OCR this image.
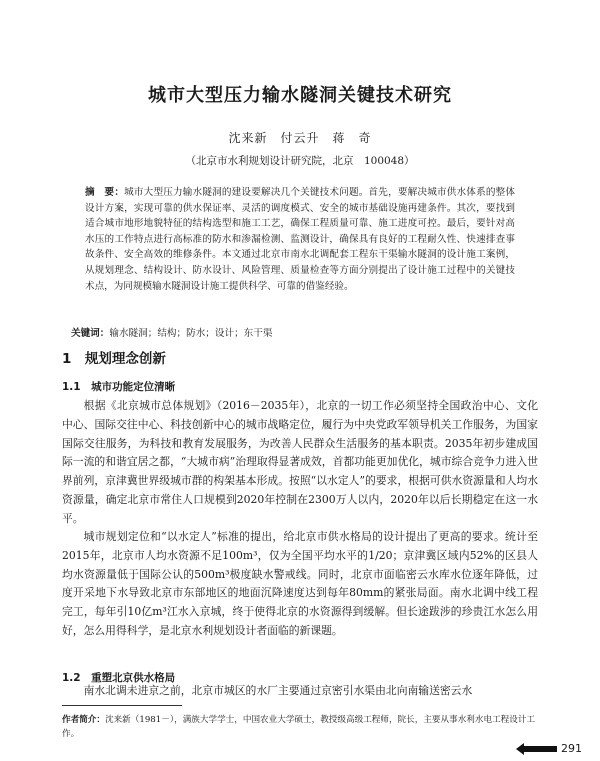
城市大型压力输水隧洞关键技术研究
沈来新　付云升　蒋　奇
（北京市水利规划设计研究院，北京　100048）
摘　要：城市大型压力输水隧洞的建设要解决几个关键技术问题。首先，要解决城市供水体系的整体设计方案，实现可靠的供水保证率、灵活的调度模式、安全的城市基础设施再建条件。其次，要找到适合城市地形地貌特征的结构选型和施工工艺，确保工程质量可靠、施工进度可控。最后，要针对高水压的工作特点进行高标准的防水和渗漏检测、监测设计，确保具有良好的工程耐久性、快速排查事故条件、安全高效的维修条件。本文通过北京市南水北调配套工程东干渠输水隧洞的设计施工案例，从规划理念、结构设计、防水设计、风险管理、质量检查等方面分别提出了设计施工过程中的关键技术点，为同规模输水隧洞设计施工提供科学、可靠的借鉴经验。
关键词：输水隧洞；结构；防水；设计；东干渠
1　规划理念创新
1.1　城市功能定位清晰

根据《北京城市总体规划》（2016－2035年），北京的一切工作必须坚持全国政治中心、文化中心、国际交往中心、科技创新中心的城市战略定位，履行为中央党政军领导机关工作服务，为国家国际交往服务，为科技和教育发展服务，为改善人民群众生活服务的基本职责。2035年初步建成国际一流的和谐宜居之都，“大城市病”治理取得显著成效，首都功能更加优化，城市综合竞争力进入世界前列，京津冀世界级城市群的构架基本形成。按照“以水定人”的要求，根据可供水资源量和人均水资源量，确定北京市常住人口规模到2020年控制在2300万人以内，2020年以后长期稳定在这一水平。

城市规划定位和“以水定人”标准的提出，给北京市供水格局的设计提出了更高的要求。统计至2015年，北京市人均水资源不足100m³，仅为全国平均水平的1/20；京津冀区域内52%的区县人均水资源量低于国际公认的500m³极度缺水警戒线。同时，北京市面临密云水库水位逐年降低，过度开采地下水导致北京市东部地区的地面沉降速度达到每年80mm的紧张局面。南水北调中线工程完工，每年引10亿m³江水入京城，终于使得北京的水资源得到缓解。但长途跋涉的珍贵江水怎么用好，怎么用得科学，是北京水利规划设计者面临的新课题。

1.2　重塑北京供水格局

南水北调未进京之前，北京市城区的水厂主要通过京密引水渠由北向南输送密云水

作者简介：沈来新（1981－），满族大学学士，中国农业大学硕士，教授级高级工程师，院长，主要从事水利水电工程设计工作。
291
